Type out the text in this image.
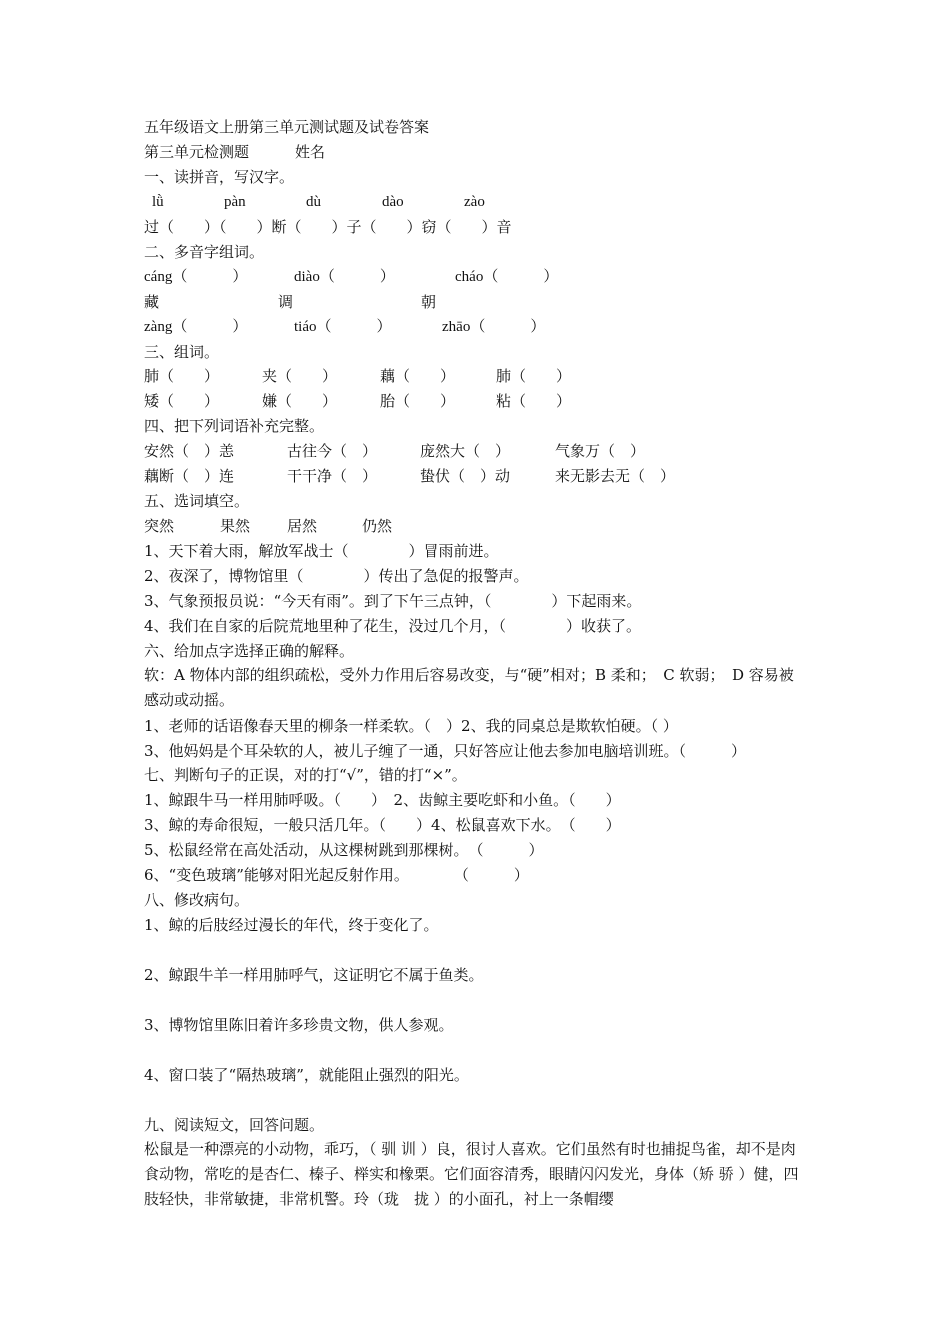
五年级语文上册第三单元测试题及试卷答案
第三单元检测题	姓名
一、读拼音，写汉字。
lǜ	pàn	dù	dào	zào
过（　　）（　　）断（　　）子（　　）窃（　　）音
二、多音字组词。
cáng（　　　）	diào（　　　）	cháo（　　　）
藏	调	朝
zàng（　　　）	tiáo（　　　）	zhāo（　　　）
三、组词。
肺（　　）	夹（　　）	藕（　　）	肺（　　）
矮（　　）	嫌（　　）	胎（　　）	粘（　　）
四、把下列词语补充完整。
安然（　）恙	古往今（　）	庞然大（　）	气象万（　）
藕断（　）连	干干净（　）	蛰伏（　）动	来无影去无（　）
五、选词填空。
突然	果然 居然	仍然
1、天下着大雨，解放军战士（　　　　）冒雨前进。
2、夜深了，博物馆里（　　　　）传出了急促的报警声。
3、气象预报员说：“今天有雨”。到了下午三点钟，（　　　　）下起雨来。
4、我们在自家的后院荒地里种了花生，没过几个月，（　　　　）收获了。
六、给加点字选择正确的解释。
软：A 物体内部的组织疏松，受外力作用后容易改变，与“硬”相对；B 柔和；　C 软弱；　D 容易被感动或动摇。
1、老师的话语像春天里的柳条一样柔软。（　）2、我的同桌总是欺软怕硬。（ ）
3、他妈妈是个耳朵软的人，被儿子缠了一通，只好答应让他去参加电脑培训班。（　　　）
七、判断句子的正误，对的打“√”，错的打“×”。
1、鲸跟牛马一样用肺呼吸。（　　）　2、齿鲸主要吃虾和小鱼。（　　）
3、鲸的寿命很短，一般只活几年。（　　）4、松鼠喜欢下水。　（　　）
5、松鼠经常在高处活动，从这棵树跳到那棵树。　（　　　）
6、“变色玻璃”能够对阳光起反射作用。　　　　（　　　）
八、修改病句。
1、鲸的后肢经过漫长的年代，终于变化了。
2、鲸跟牛羊一样用肺呼气，这证明它不属于鱼类。
3、博物馆里陈旧着许多珍贵文物，供人参观。
4、窗口装了“隔热玻璃”，就能阻止强烈的阳光。
九、阅读短文，回答问题。
松鼠是一种漂亮的小动物，乖巧，（ 驯 训 ）良，很讨人喜欢。它们虽然有时也捕捉鸟雀，却不是肉食动物，常吃的是杏仁、榛子、榉实和橡栗。它们面容清秀，眼睛闪闪发光，身体（矫 骄 ）健，四肢轻快，非常敏捷，非常机警。玲（珑　拢 ）的小面孔，衬上一条帽缨
